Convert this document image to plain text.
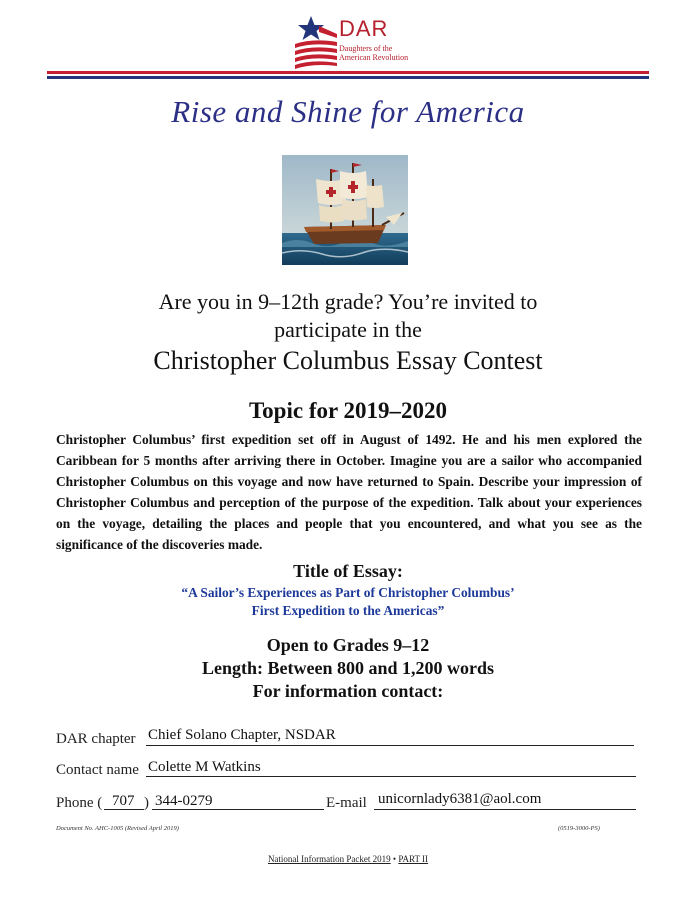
DAR
Daughters of the
American Revolution
Rise and Shine for America
Are you in 9–12th grade? You’re invited to
participate in the
Christopher Columbus Essay Contest
Topic for 2019–2020
Christopher Columbus’ first expedition set off in August of 1492. He and his men explored the Caribbean for 5 months after arriving there in October. Imagine you are a sailor who accompanied Christopher Columbus on this voyage and now have returned to Spain. Describe your impression of Christopher Columbus and perception of the purpose of the expedition. Talk about your experiences on the voyage, detailing the places and people that you encountered, and what you see as the significance of the discoveries made.
Title of Essay:
“A Sailor’s Experiences as Part of Christopher Columbus’
First Expedition to the Americas”
Open to Grades 9–12
Length: Between 800 and 1,200 words
For information contact:
DAR chapter Chief Solano Chapter, NSDAR
Contact name Colette M Watkins
Phone ( 707 ) 344-0279	E-mail unicornlady6381@aol.com
Document No. AHC-1005 (Revised April 2019)	(0519-3000-PS)
National Information Packet 2019 • PART II
